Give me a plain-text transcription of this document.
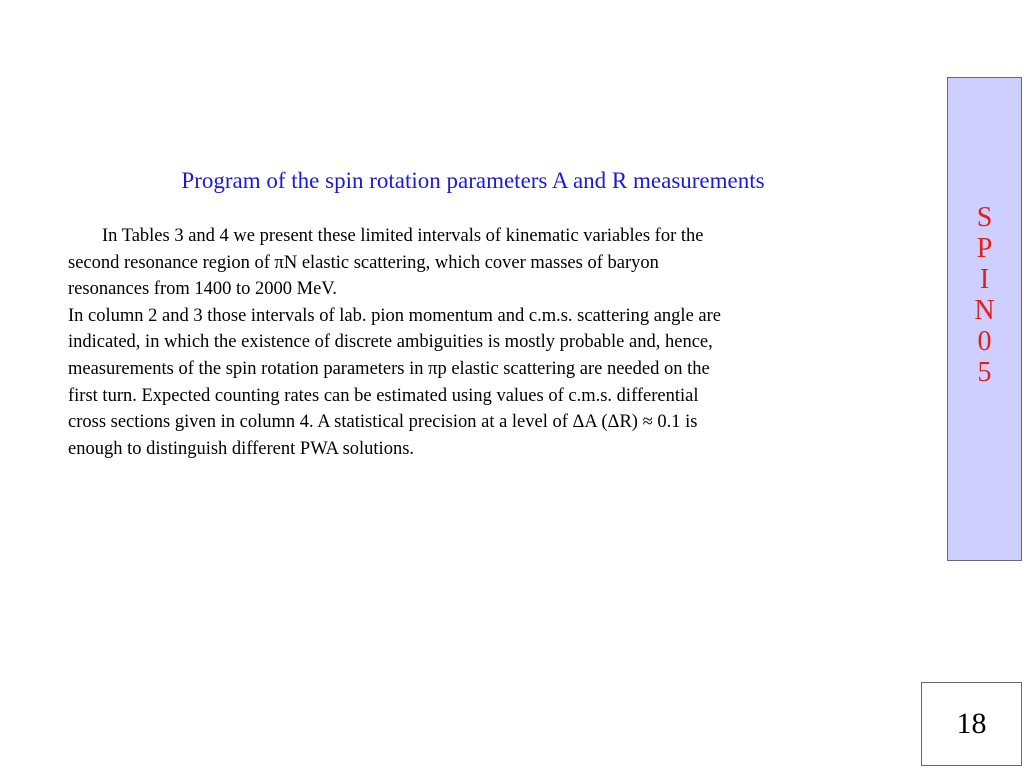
Program of the spin rotation parameters A and R measurements
In Tables 3 and 4 we present these limited intervals of kinematic variables for the
second resonance region of πN elastic scattering, which cover masses of baryon
resonances from 1400 to 2000 MeV.
In column 2 and 3 those intervals of lab. pion momentum and c.m.s. scattering angle are
indicated, in which the existence of discrete ambiguities is mostly probable and, hence,
measurements of the spin rotation parameters in πp elastic scattering are needed on the
first turn. Expected counting rates can be estimated using values of c.m.s. differential
cross sections given in column 4. A statistical precision at a level of ΔA (ΔR) ≈ 0.1 is
enough to distinguish different PWA solutions.
S
P
I
N
0
5
18
